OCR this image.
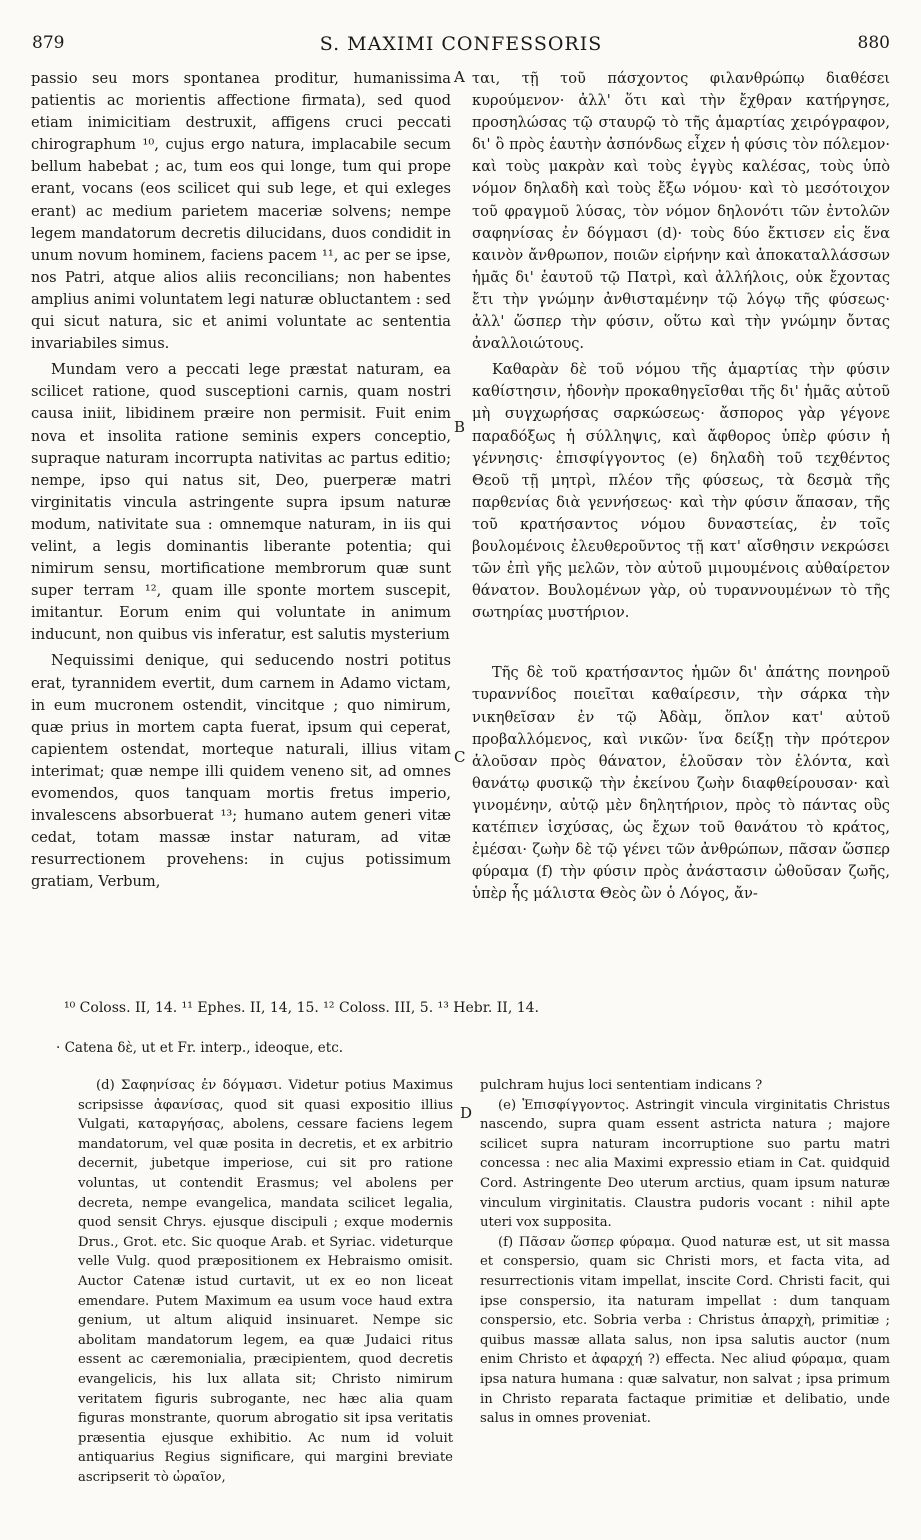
879	S. MAXIMI CONFESSORIS	880
A
B
C
D

passio seu mors spontanea proditur, humanissima patientis ac morientis affectione firmata), sed quod etiam inimicitiam destruxit, affigens cruci peccati chirographum ¹⁰, cujus ergo natura, implacabile secum bellum habebat ; ac, tum eos qui longe, tum qui prope erant, vocans (eos scilicet qui sub lege, et qui exleges erant) ac medium parietem maceriæ solvens; nempe legem mandatorum decretis dilucidans, duos condidit in unum novum hominem, faciens pacem ¹¹, ac per se ipse, nos Patri, atque alios aliis reconcilians; non habentes amplius animi voluntatem legi naturæ obluctantem : sed qui sicut natura, sic et animi voluntate ac sententia invariabiles simus.

Mundam vero a peccati lege præstat naturam, ea scilicet ratione, quod susceptioni carnis, quam nostri causa iniit, libidinem præire non permisit. Fuit enim nova et insolita ratione seminis expers conceptio, supraque naturam incorrupta nativitas ac partus editio; nempe, ipso qui natus sit, Deo, puerperæ matri virginitatis vincula astringente supra ipsum naturæ modum, nativitate sua : omnemque naturam, in iis qui velint, a legis dominantis liberante potentia; qui nimirum sensu, mortificatione membrorum quæ sunt super terram ¹², quam ille sponte mortem suscepit, imitantur. Eorum enim qui voluntate in animum inducunt, non quibus vis inferatur, est salutis mysterium

Nequissimi denique, qui seducendo nostri potitus erat, tyrannidem evertit, dum carnem in Adamo victam, in eum mucronem ostendit, vincitque ; quo nimirum, quæ prius in mortem capta fuerat, ipsum qui ceperat, capientem ostendat, morteque naturali, illius vitam interimat; quæ nempe illi quidem veneno sit, ad omnes evomendos, quos tanquam mortis fretus imperio, invalescens absorbuerat ¹³; humano autem generi vitæ cedat, totam massæ instar naturam, ad vitæ resurrectionem provehens: in cujus potissimum gratiam, Verbum,

ται, τῇ τοῦ πάσχοντος φιλανθρώπῳ διαθέσει κυρούμενον· ἀλλ' ὅτι καὶ τὴν ἔχθραν κατήργησε, προσηλώσας τῷ σταυρῷ τὸ τῆς ἁμαρτίας χειρόγραφον, δι' ὃ πρὸς ἑαυτὴν ἀσπόνδως εἶχεν ἡ φύσις τὸν πόλεμον· καὶ τοὺς μακρὰν καὶ τοὺς ἐγγὺς καλέσας, τοὺς ὑπὸ νόμον δηλαδὴ καὶ τοὺς ἔξω νόμου· καὶ τὸ μεσότοιχον τοῦ φραγμοῦ λύσας, τὸν νόμον δηλονότι τῶν ἐντολῶν σαφηνίσας ἐν δόγμασι (d)· τοὺς δύο ἔκτισεν εἰς ἕνα καινὸν ἄνθρωπον, ποιῶν εἰρήνην καὶ ἀποκαταλλάσσων ἡμᾶς δι' ἑαυτοῦ τῷ Πατρὶ, καὶ ἀλλήλοις, οὐκ ἔχοντας ἔτι τὴν γνώμην ἀνθισταμένην τῷ λόγῳ τῆς φύσεως· ἀλλ' ὥσπερ τὴν φύσιν, οὕτω καὶ τὴν γνώμην ὄντας ἀναλλοιώτους.

Καθαρὰν δὲ τοῦ νόμου τῆς ἁμαρτίας τὴν φύσιν καθίστησιν, ἡδονὴν προκαθηγεῖσθαι τῆς δι' ἡμᾶς αὐτοῦ μὴ συγχωρήσας σαρκώσεως· ἄσπορος γὰρ γέγονε παραδόξως ἡ σύλληψις, καὶ ἄφθορος ὑπὲρ φύσιν ἡ γέννησις· ἐπισφίγγοντος (e) δηλαδὴ τοῦ τεχθέντος Θεοῦ τῇ μητρὶ, πλέον τῆς φύσεως, τὰ δεσμὰ τῆς παρθενίας διὰ γεννήσεως· καὶ τὴν φύσιν ἅπασαν, τῆς τοῦ κρατήσαντος νόμου δυναστείας, ἐν τοῖς βουλομένοις ἐλευθεροῦντος τῇ κατ' αἴσθησιν νεκρώσει τῶν ἐπὶ γῆς μελῶν, τὸν αὐτοῦ μιμουμένοις αὐθαίρετον θάνατον. Βουλομένων γὰρ, οὐ τυραννουμένων τὸ τῆς σωτηρίας μυστήριον.

Τῆς δὲ τοῦ κρατήσαντος ἡμῶν δι' ἀπάτης πονηροῦ τυραννίδος ποιεῖται καθαίρεσιν, τὴν σάρκα τὴν νικηθεῖσαν ἐν τῷ Ἀδὰμ, ὅπλον κατ' αὐτοῦ προβαλλόμενος, καὶ νικῶν· ἵνα δείξῃ τὴν πρότερον ἁλοῦσαν πρὸς θάνατον, ἑλοῦσαν τὸν ἑλόντα, καὶ θανάτῳ φυσικῷ τὴν ἐκείνου ζωὴν διαφθείρουσαν· καὶ γινομένην, αὐτῷ μὲν δηλητήριον, πρὸς τὸ πάντας οὓς κατέπιεν ἰσχύσας, ὡς ἔχων τοῦ θανάτου τὸ κράτος, ἐμέσαι· ζωὴν δὲ τῷ γένει τῶν ἀνθρώπων, πᾶσαν ὥσπερ φύραμα (f) τὴν φύσιν πρὸς ἀνάστασιν ὠθοῦσαν ζωῆς, ὑπὲρ ἧς μάλιστα Θεὸς ὢν ὁ Λόγος, ἄν-

¹⁰ Coloss. II, 14. ¹¹ Ephes. II, 14, 15. ¹² Coloss. III, 5. ¹³ Hebr. II, 14.
· Catena δὲ, ut et Fr. interp., ideoque, etc.

(d) Σαφηνίσας ἐν δόγμασι. Videtur potius Maximus scripsisse ἀφανίσας, quod sit quasi expositio illius Vulgati, καταργήσας, abolens, cessare faciens legem mandatorum, vel quæ posita in decretis, et ex arbitrio decernit, jubetque imperiose, cui sit pro ratione voluntas, ut contendit Erasmus; vel abolens per decreta, nempe evangelica, mandata scilicet legalia, quod sensit Chrys. ejusque discipuli ; exque modernis Drus., Grot. etc. Sic quoque Arab. et Syriac. videturque velle Vulg. quod præpositionem ex Hebraismo omisit. Auctor Catenæ istud curtavit, ut ex eo non liceat emendare. Putem Maximum ea usum voce haud extra genium, ut altum aliquid insinuaret. Nempe sic abolitam mandatorum legem, ea quæ Judaici ritus essent ac cæremonialia, præcipientem, quod decretis evangelicis, his lux allata sit; Christo nimirum veritatem figuris subrogante, nec hæc alia quam figuras monstrante, quorum abrogatio sit ipsa veritatis præsentia ejusque exhibitio. Ac num id voluit antiquarius Regius significare, qui margini breviate ascripserit τὸ ὡραῖον,

pulchram hujus loci sententiam indicans ?

(e) Ἐπισφίγγοντος. Astringit vincula virginitatis Christus nascendo, supra quam essent astricta natura ; majore scilicet supra naturam incorruptione suo partu matri concessa : nec alia Maximi expressio etiam in Cat. quidquid Cord. Astringente Deo uterum arctius, quam ipsum naturæ vinculum virginitatis. Claustra pudoris vocant : nihil apte uteri vox supposita.

(f) Πᾶσαν ὥσπερ φύραμα. Quod naturæ est, ut sit massa et conspersio, quam sic Christi mors, et facta vita, ad resurrectionis vitam impellat, inscite Cord. Christi facit, qui ipse conspersio, ita naturam impellat : dum tanquam conspersio, etc. Sobria verba : Christus ἀπαρχὴ, primitiæ ; quibus massæ allata salus, non ipsa salutis auctor (num enim Christo et ἀφαρχή ?) effecta. Nec aliud φύραμα, quam ipsa natura humana : quæ salvatur, non salvat ; ipsa primum in Christo reparata factaque primitiæ et delibatio, unde salus in omnes proveniat.
